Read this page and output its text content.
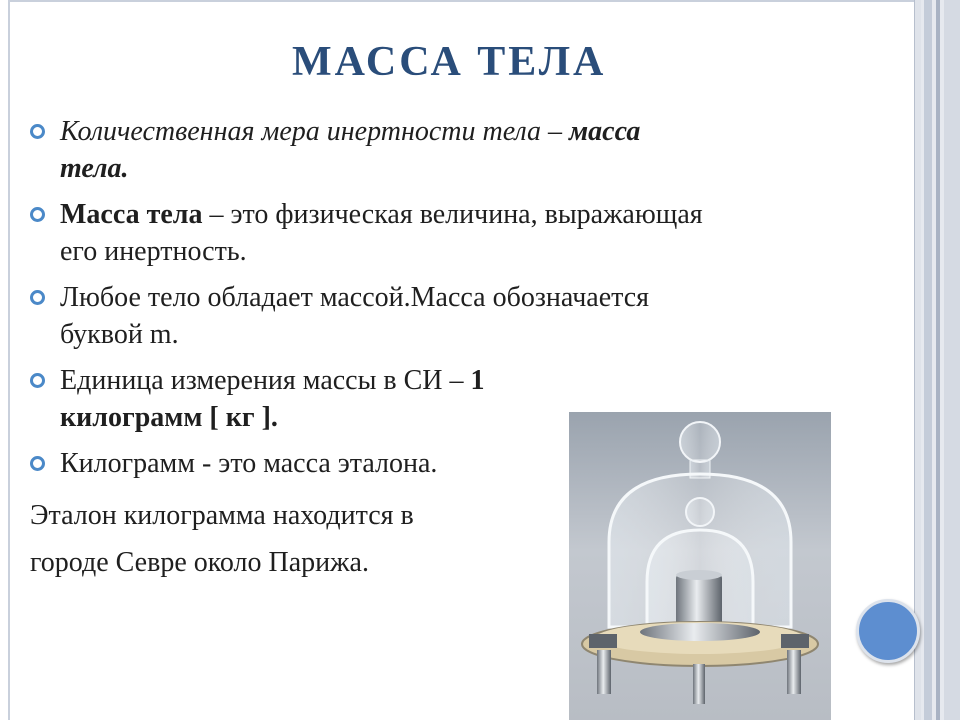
МАССА ТЕЛА
Количественная мера инертности тела – масса
тела.
Масса тела – это физическая величина, выражающая
его инертность.
Любое тело обладает массой.Масса обозначается
буквой m.
Единица измерения массы в СИ – 1
килограмм [ кг ].
Килограмм - это масса эталона.
Эталон килограмма находится в
городе Севре около Парижа.
